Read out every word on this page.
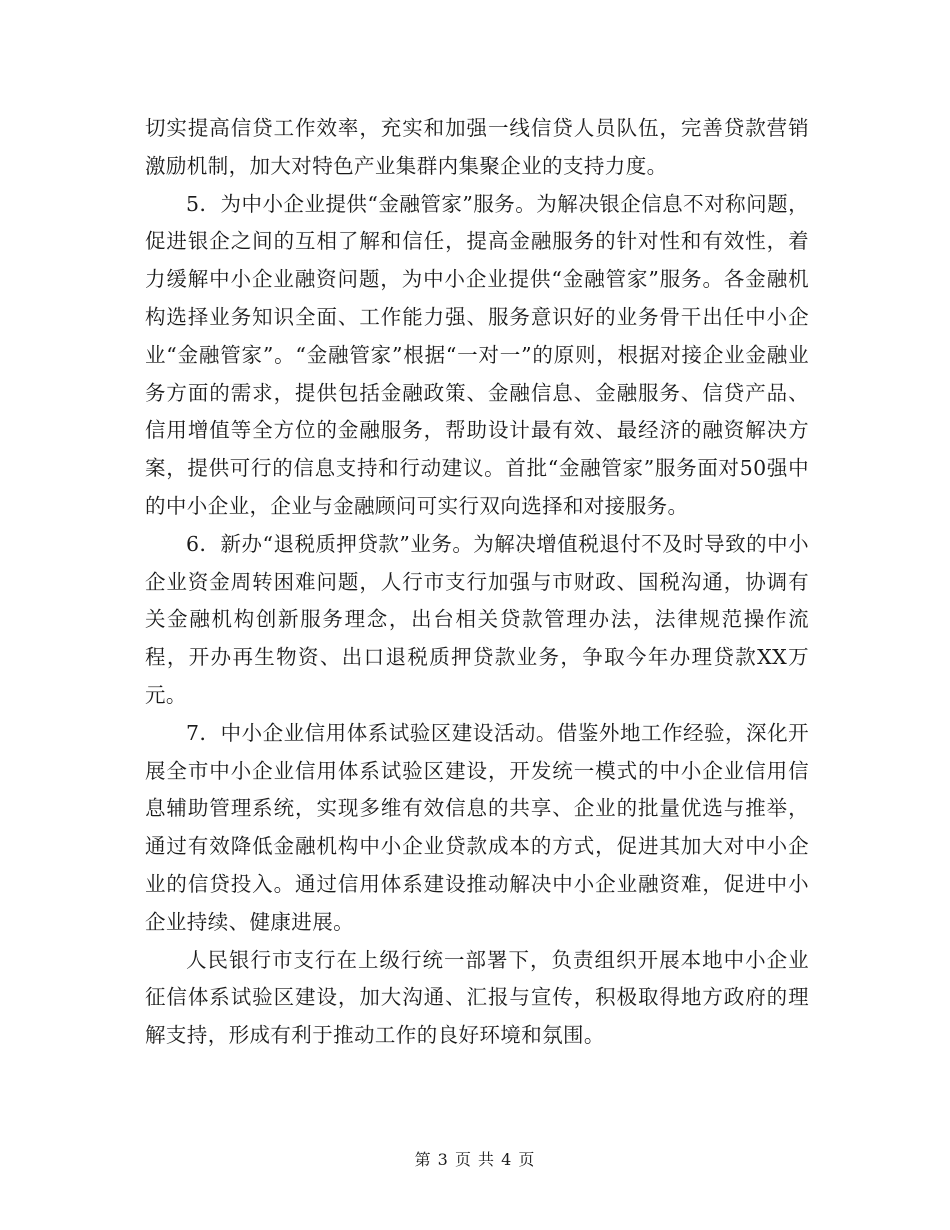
切实提高信贷工作效率，充实和加强一线信贷人员队伍，完善贷款营销激励机制，加大对特色产业集群内集聚企业的支持力度。

5．为中小企业提供“金融管家”服务。为解决银企信息不对称问题，促进银企之间的互相了解和信任，提高金融服务的针对性和有效性，着力缓解中小企业融资问题，为中小企业提供“金融管家”服务。各金融机构选择业务知识全面、工作能力强、服务意识好的业务骨干出任中小企业“金融管家”。“金融管家”根据“一对一”的原则，根据对接企业金融业务方面的需求，提供包括金融政策、金融信息、金融服务、信贷产品、信用增值等全方位的金融服务，帮助设计最有效、最经济的融资解决方案，提供可行的信息支持和行动建议。首批“金融管家”服务面对50强中的中小企业，企业与金融顾问可实行双向选择和对接服务。

6．新办“退税质押贷款”业务。为解决增值税退付不及时导致的中小企业资金周转困难问题，人行市支行加强与市财政、国税沟通，协调有关金融机构创新服务理念，出台相关贷款管理办法，法律规范操作流程，开办再生物资、出口退税质押贷款业务，争取今年办理贷款XX万元。

7．中小企业信用体系试验区建设活动。借鉴外地工作经验，深化开展全市中小企业信用体系试验区建设，开发统一模式的中小企业信用信息辅助管理系统，实现多维有效信息的共享、企业的批量优选与推举，通过有效降低金融机构中小企业贷款成本的方式，促进其加大对中小企业的信贷投入。通过信用体系建设推动解决中小企业融资难，促进中小企业持续、健康进展。

人民银行市支行在上级行统一部署下，负责组织开展本地中小企业征信体系试验区建设，加大沟通、汇报与宣传，积极取得地方政府的理解支持，形成有利于推动工作的良好环境和氛围。

第 3 页 共 4 页
